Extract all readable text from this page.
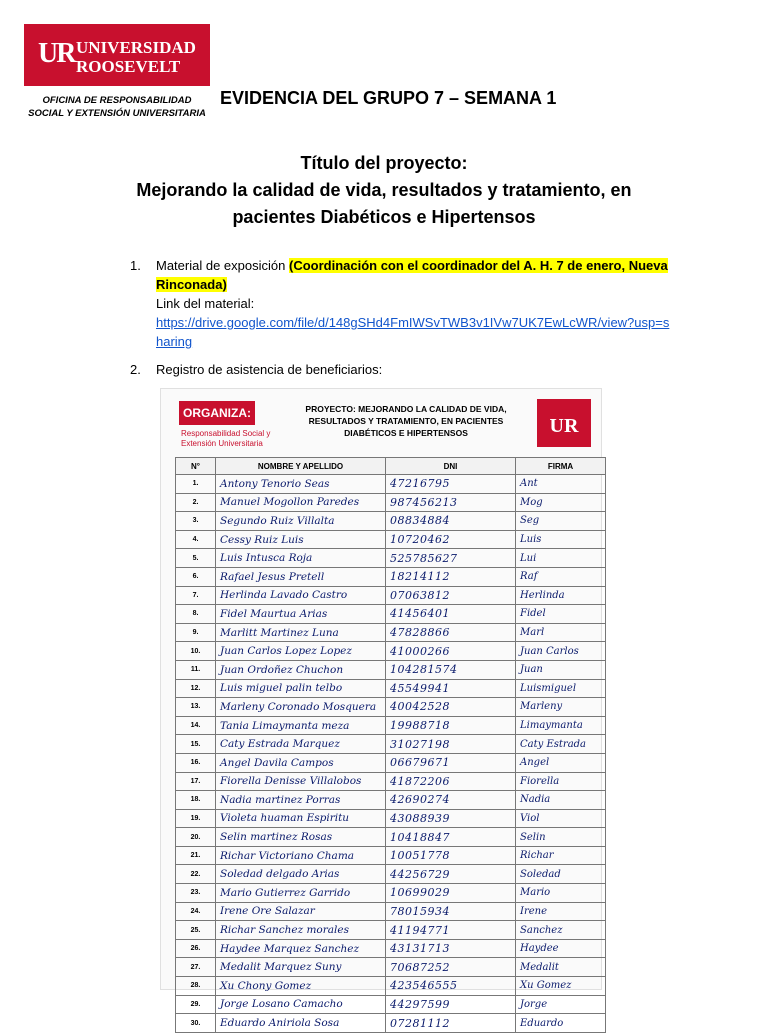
UR UNIVERSIDAD
ROOSEVELT
OFICINA DE RESPONSABILIDAD SOCIAL Y EXTENSIÓN UNIVERSITARIA
EVIDENCIA DEL GRUPO 7 – SEMANA 1
Título del proyecto:
Mejorando la calidad de vida, resultados y tratamiento, en
pacientes Diabéticos e Hipertensos
1. Material de exposición (Coordinación con el coordinador del A. H. 7 de enero, Nueva Rinconada)
Link del material:
https://drive.google.com/file/d/148gSHd4FmIWSvTWB3v1IVw7UK7EwLcWR/view?usp=sharing
2. Registro de asistencia de beneficiarios:
ORGANIZA:
Responsabilidad Social y Extensión Universitaria
PROYECTO: MEJORANDO LA CALIDAD DE VIDA, RESULTADOS Y TRATAMIENTO, EN PACIENTES DIABÉTICOS E HIPERTENSOS	UR
N°	NOMBRE Y APELLIDO	DNI	FIRMA
1.	Antony Tenorio Seas	47216795	Ant
2.	Manuel Mogollon Paredes	987456213	Mog
3.	Segundo Ruiz Villalta	08834884	Seg
4.	Cessy Ruiz Luis	10720462	Luis
5.	Luis Intusca Roja	525785627	Lui
6.	Rafael Jesus Pretell	18214112	Raf
7.	Herlinda Lavado Castro	07063812	Herlinda
8.	Fidel Maurtua Arias	41456401	Fidel
9.	Marlitt Martinez Luna	47828866	Marl
10.	Juan Carlos Lopez Lopez	41000266	Juan Carlos
11.	Juan Ordoñez Chuchon	104281574	Juan
12.	Luis miguel palin telbo	45549941	Luismiguel
13.	Marleny Coronado Mosquera	40042528	Marleny
14.	Tania Limaymanta meza	19988718	Limaymanta
15.	Caty Estrada Marquez	31027198	Caty Estrada
16.	Angel Davila Campos	06679671	Angel
17.	Fiorella Denisse Villalobos	41872206	Fiorella
18.	Nadia martinez Porras	42690274	Nadia
19.	Violeta huaman Espiritu	43088939	Viol
20.	Selin martinez Rosas	10418847	Selin
21.	Richar Victoriano Chama	10051778	Richar
22.	Soledad delgado Arias	44256729	Soledad
23.	Mario Gutierrez Garrido	10699029	Mario
24.	Irene Ore Salazar	78015934	Irene
25.	Richar Sanchez morales	41194771	Sanchez
26.	Haydee Marquez Sanchez	43131713	Haydee
27.	Medalit Marquez Suny	70687252	Medalit
28.	Xu Chony Gomez	423546555	Xu Gomez
29.	Jorge Losano Camacho	44297599	Jorge
30.	Eduardo Aniriola Sosa	07281112	Eduardo
